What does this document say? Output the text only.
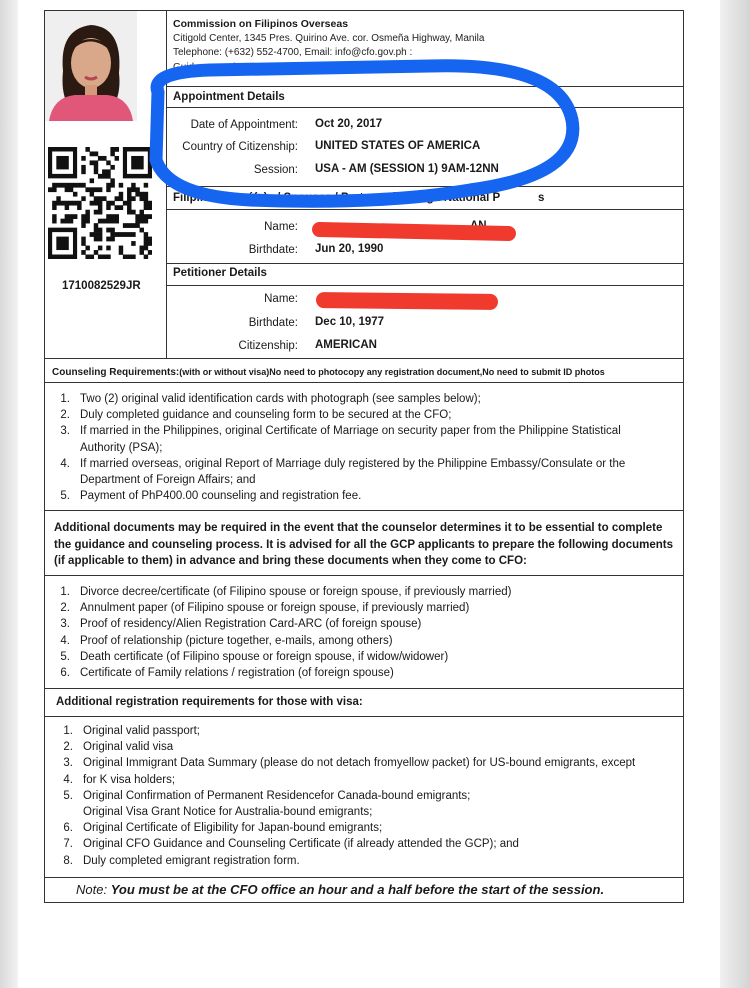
1710082529JR
Commission on Filipinos Overseas
Citigold Center, 1345 Pres. Quirino Ave. cor. Osmeña Highway, Manila
Telephone: (+632) 552-4700, Email: info@cfo.gov.ph :
Guidance and Counseling P
Appointment Details
Date of Appointment: Oct 20, 2017
Country of Citizenship: UNITED STATES OF AMERICA
Session: USA - AM (SESSION 1) 9AM-12NN
Filipino Fiancé(e)s / Spouses / Partner of Foreign National P	s
Name:
Birthdate: Jun 20, 1990
Petitioner Details
Name:
Birthdate: Dec 10, 1977
Citizenship: AMERICAN
Counseling Requirements:(with or without visa)No need to photocopy any registration document,No need to submit ID photos
1. Two (2) original valid identification cards with photograph (see samples below);
2. Duly completed guidance and counseling form to be secured at the CFO;
3. If married in the Philippines, original Certificate of Marriage on security paper from the Philippine Statistical Authority (PSA);
4. If married overseas, original Report of Marriage duly registered by the Philippine Embassy/Consulate or the Department of Foreign Affairs; and
5. Payment of PhP400.00 counseling and registration fee.
Additional documents may be required in the event that the counselor determines it to be essential to complete the guidance and counseling process. It is advised for all the GCP applicants to prepare the following documents (if applicable to them) in advance and bring these documents when they come to CFO:
1. Divorce decree/certificate (of Filipino spouse or foreign spouse, if previously married)
2. Annulment paper (of Filipino spouse or foreign spouse, if previously married)
3. Proof of residency/Alien Registration Card-ARC (of foreign spouse)
4. Proof of relationship (picture together, e-mails, among others)
5. Death certificate (of Filipino spouse or foreign spouse, if widow/widower)
6. Certificate of Family relations / registration (of foreign spouse)
Additional registration requirements for those with visa:
1. Original valid passport;
2. Original valid visa
3. Original Immigrant Data Summary (please do not detach fromyellow packet) for US-bound emigrants, except
4. for K visa holders;
5. Original Confirmation of Permanent Residencefor Canada-bound emigrants;
Original Visa Grant Notice for Australia-bound emigrants;
6. Original Certificate of Eligibility for Japan-bound emigrants;
7. Original CFO Guidance and Counseling Certificate (if already attended the GCP); and
8. Duly completed emigrant registration form.
Note: You must be at the CFO office an hour and a half before the start of the session.
